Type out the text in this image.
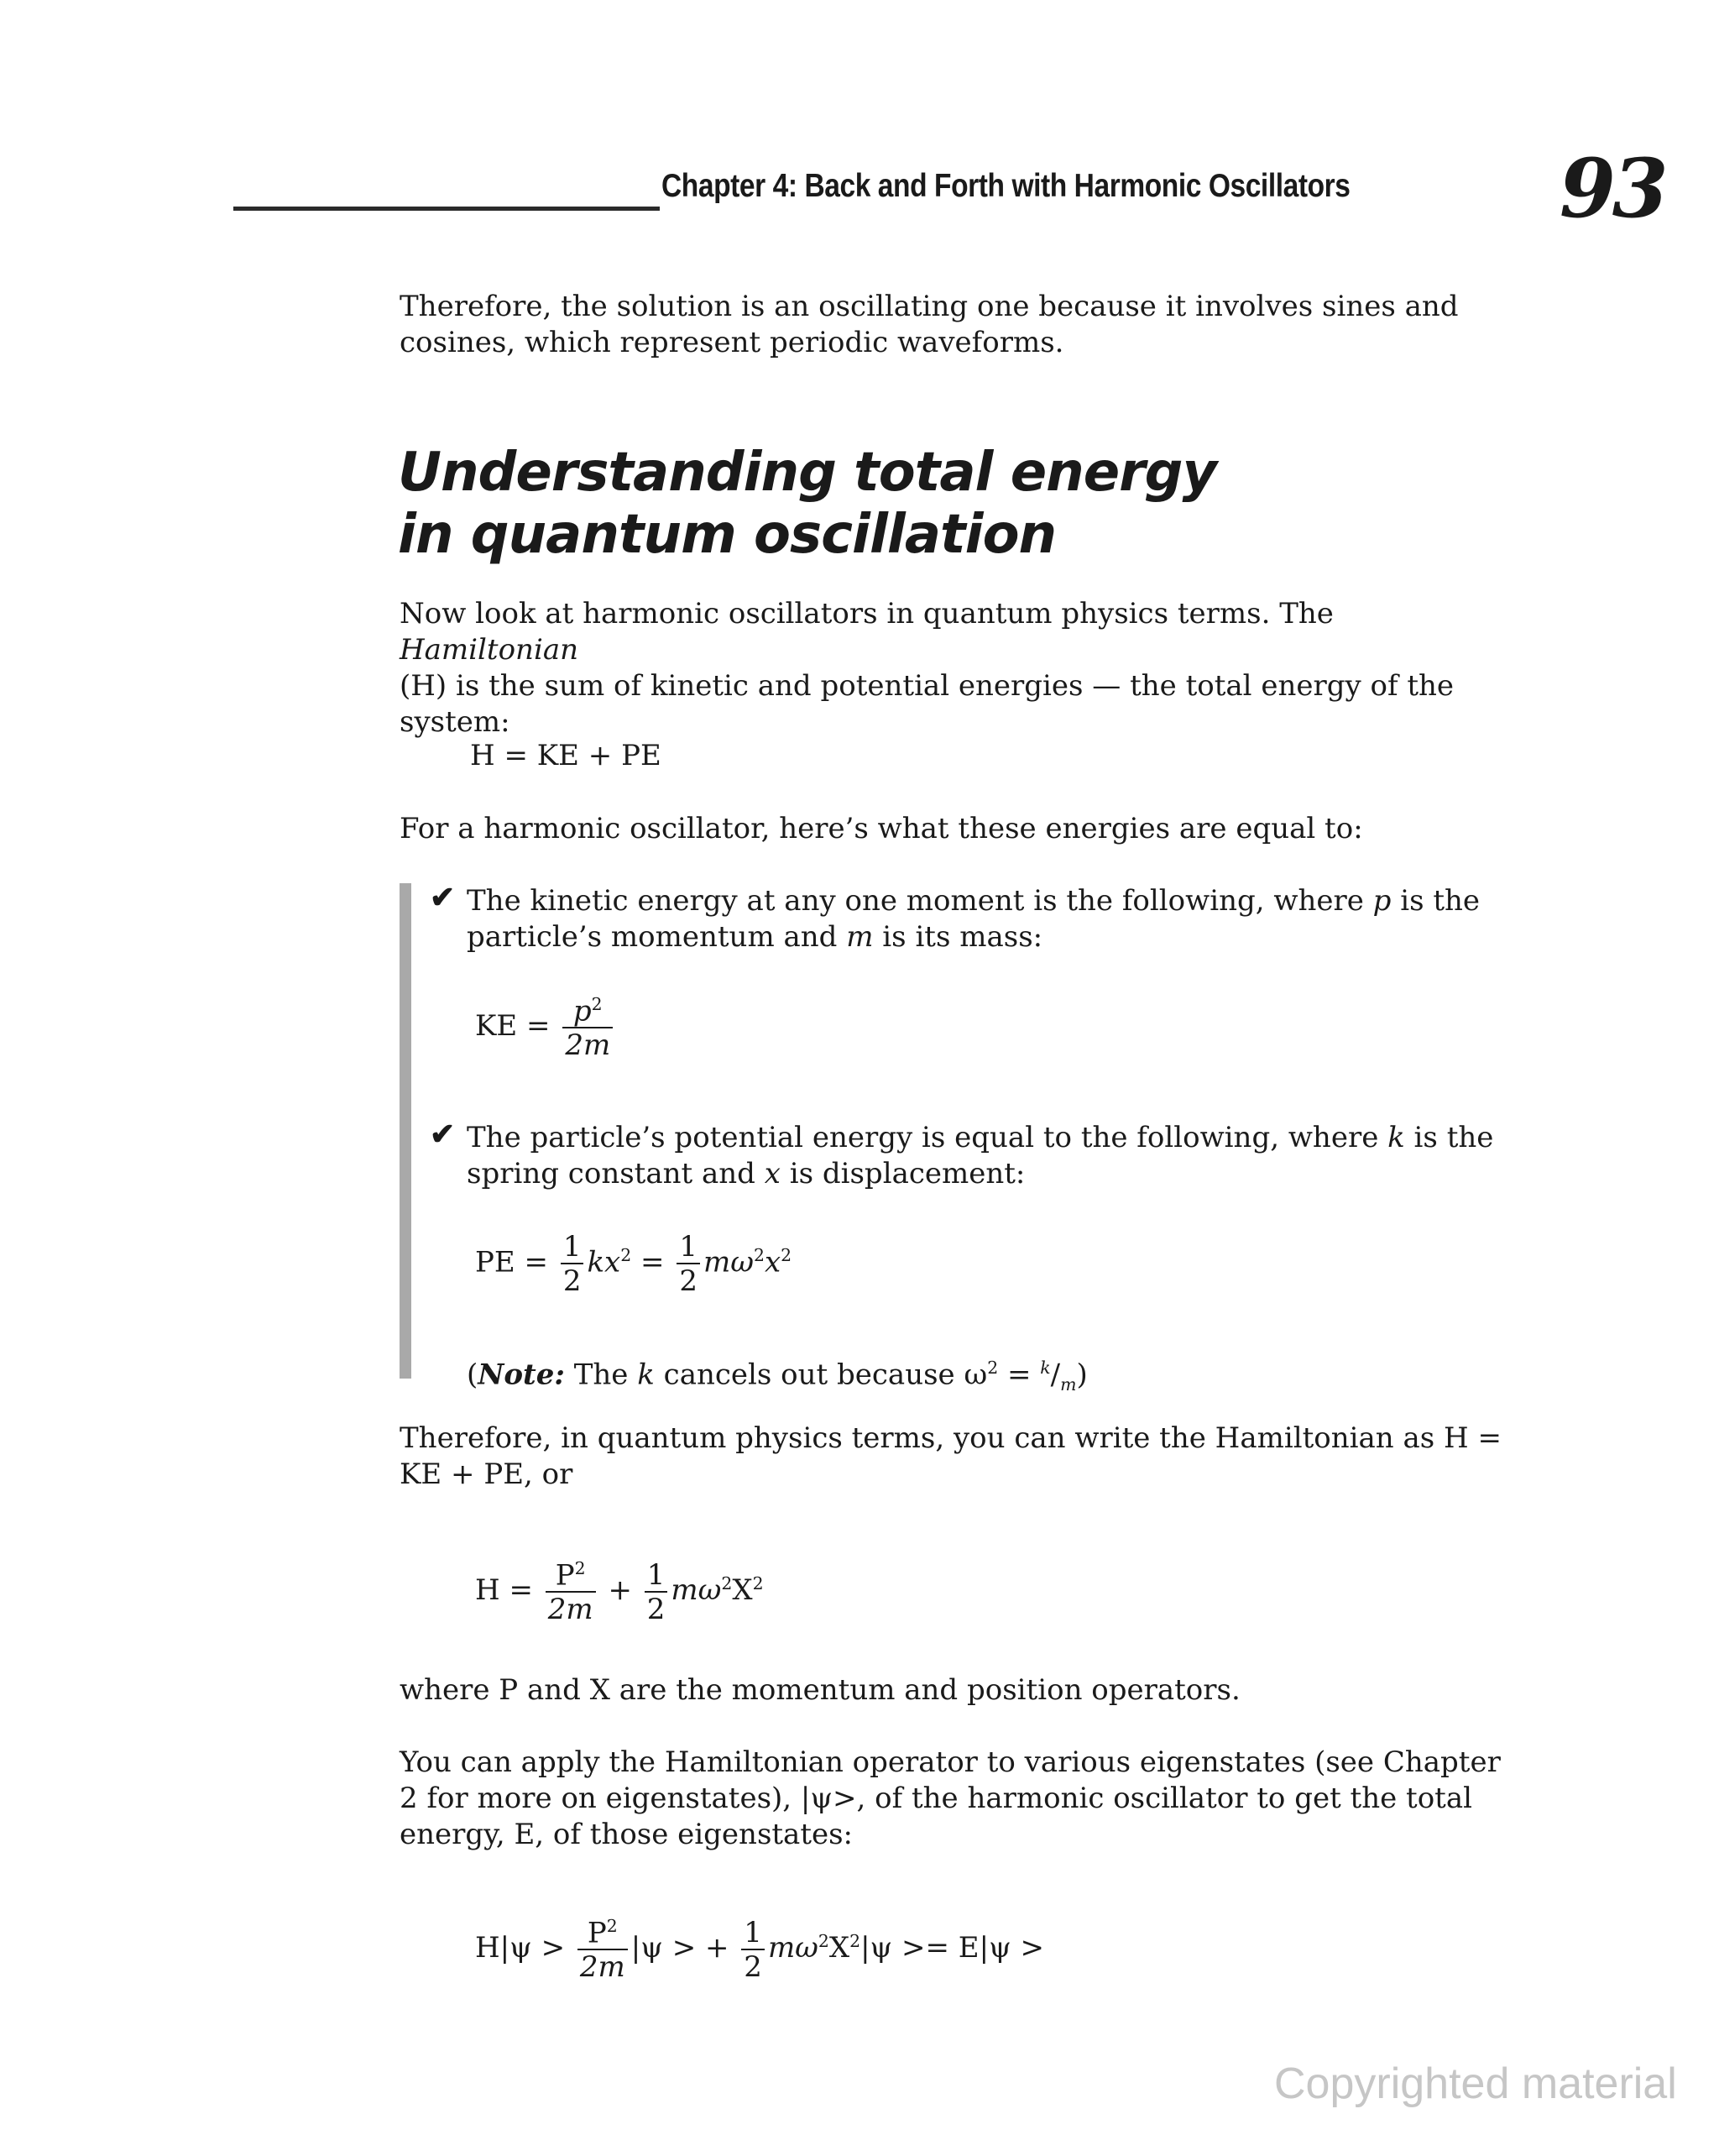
Chapter 4: Back and Forth with Harmonic Oscillators	93
Therefore, the solution is an oscillating one because it involves sines and
cosines, which represent periodic waveforms.
Understanding total energy
in quantum oscillation
Now look at harmonic oscillators in quantum physics terms. The Hamiltonian
(H) is the sum of kinetic and potential energies — the total energy of the
system:
H = KE + PE
For a harmonic oscillator, here’s what these energies are equal to:
✔ The kinetic energy at any one moment is the following, where p is the
particle’s momentum and m is its mass:
KE = $\frac{p^2}{2m}$
✔ The particle’s potential energy is equal to the following, where k is the
spring constant and x is displacement:
PE = $\frac{1}{2} kx^2 = \frac{1}{2} m\omega^2x^2$
(Note: The k cancels out because $\omega^2 = ^k/_m$)
Therefore, in quantum physics terms, you can write the Hamiltonian as H =
KE + PE, or
$H = \frac{P^2}{2m} + \frac{1}{2} m\omega^2X^2$
where P and X are the momentum and position operators.
You can apply the Hamiltonian operator to various eigenstates (see Chapter
2 for more on eigenstates), |ψ>, of the harmonic oscillator to get the total
energy, E, of those eigenstates:
$H|\psi > \frac{P^2}{2m} |\psi$ > + $\frac{1}{2} m\omega^2X^2|\psi >= E|\psi$ >
Copyrighted material
